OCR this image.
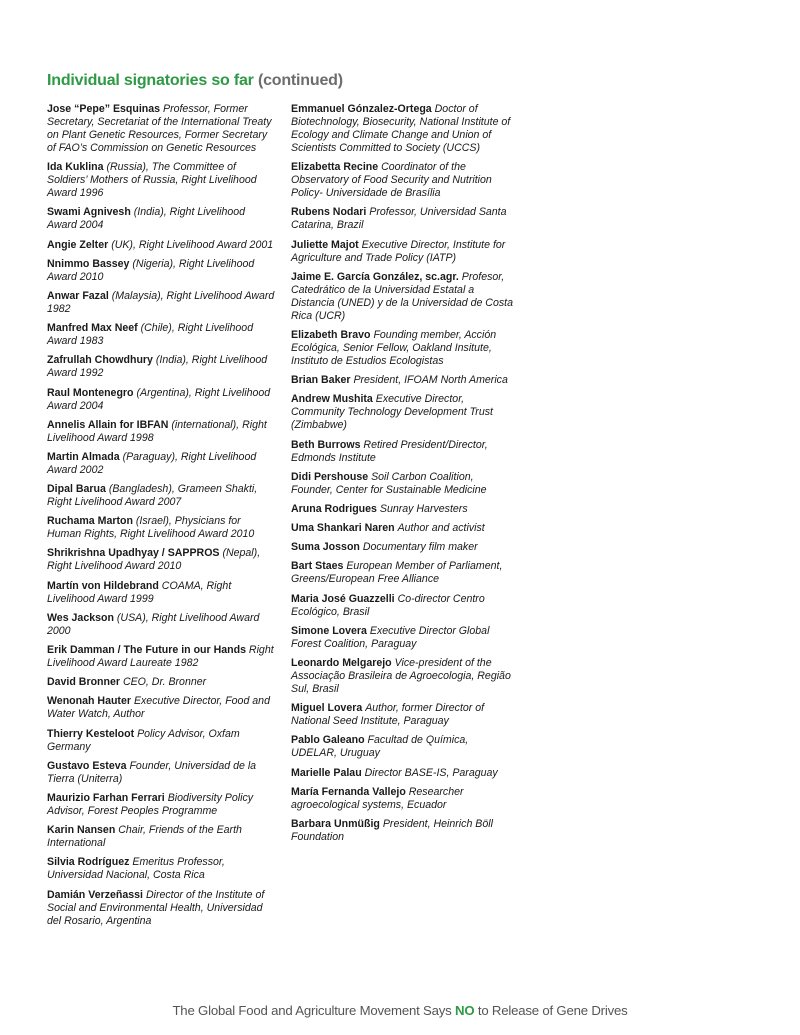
Individual signatories so far (continued)

Jose “Pepe” Esquinas Professor, Former Secretary, Secretariat of the International Treaty on Plant Genetic Resources, Former Secretary of FAO’s Commission on Genetic Resources

Ida Kuklina (Russia), The Committee of Soldiers’ Mothers of Russia, Right Livelihood Award 1996

Swami Agnivesh (India), Right Livelihood Award 2004

Angie Zelter (UK), Right Livelihood Award 2001

Nnimmo Bassey (Nigeria), Right Livelihood Award 2010

Anwar Fazal (Malaysia), Right Livelihood Award 1982

Manfred Max Neef (Chile), Right Livelihood Award 1983

Zafrullah Chowdhury (India), Right Livelihood Award 1992

Raul Montenegro (Argentina), Right Livelihood Award 2004

Annelis Allain for IBFAN (international), Right Livelihood Award 1998

Martin Almada (Paraguay), Right Livelihood Award 2002

Dipal Barua (Bangladesh), Grameen Shakti, Right Livelihood Award 2007

Ruchama Marton (Israel), Physicians for Human Rights, Right Livelihood Award 2010

Shrikrishna Upadhyay / SAPPROS (Nepal), Right Livelihood Award 2010

Martín von Hildebrand COAMA, Right Livelihood Award 1999

Wes Jackson (USA), Right Livelihood Award 2000

Erik Damman / The Future in our Hands Right Livelihood Award Laureate 1982

David Bronner CEO, Dr. Bronner

Wenonah Hauter Executive Director, Food and Water Watch, Author

Thierry Kesteloot Policy Advisor, Oxfam Germany

Gustavo Esteva Founder, Universidad de la Tierra (Uniterra)

Maurizio Farhan Ferrari Biodiversity Policy Advisor, Forest Peoples Programme

Karin Nansen Chair, Friends of the Earth International

Silvia Rodríguez Emeritus Professor, Universidad Nacional, Costa Rica

Damián Verzeñassi Director of the Institute of Social and Environmental Health, Universidad del Rosario, Argentina

Emmanuel Gónzalez-Ortega Doctor of Biotechnology, Biosecurity, National Institute of Ecology and Climate Change and Union of Scientists Committed to Society (UCCS)

Elizabetta Recine Coordinator of the Observatory of Food Security and Nutrition Policy- Universidade de Brasília

Rubens Nodari Professor, Universidad Santa Catarina, Brazil

Juliette Majot Executive Director, Institute for Agriculture and Trade Policy (IATP)

Jaime E. García González, sc.agr. Profesor, Catedrático de la Universidad Estatal a Distancia (UNED) y de la Universidad de Costa Rica (UCR)

Elizabeth Bravo Founding member, Acción Ecológica, Senior Fellow, Oakland Insitute, Instituto de Estudios Ecologistas

Brian Baker President, IFOAM North America

Andrew Mushita Executive Director, Community Technology Development Trust (Zimbabwe)

Beth Burrows Retired President/Director, Edmonds Institute

Didi Pershouse Soil Carbon Coalition, Founder, Center for Sustainable Medicine

Aruna Rodrigues Sunray Harvesters

Uma Shankari Naren Author and activist

Suma Josson Documentary film maker

Bart Staes European Member of Parliament, Greens/European Free Alliance

Maria José Guazzelli Co-director Centro Ecológico, Brasil

Simone Lovera Executive Director Global Forest Coalition, Paraguay

Leonardo Melgarejo Vice-president of the Associação Brasileira de Agroecologia, Região Sul, Brasil

Miguel Lovera Author, former Director of National Seed Institute, Paraguay

Pablo Galeano Facultad de Química, UDELAR, Uruguay

Marielle Palau Director BASE-IS, Paraguay

María Fernanda Vallejo Researcher agroecological systems, Ecuador

Barbara Unmüßig President, Heinrich Böll Foundation

The Global Food and Agriculture Movement Says NO to Release of Gene Drives
